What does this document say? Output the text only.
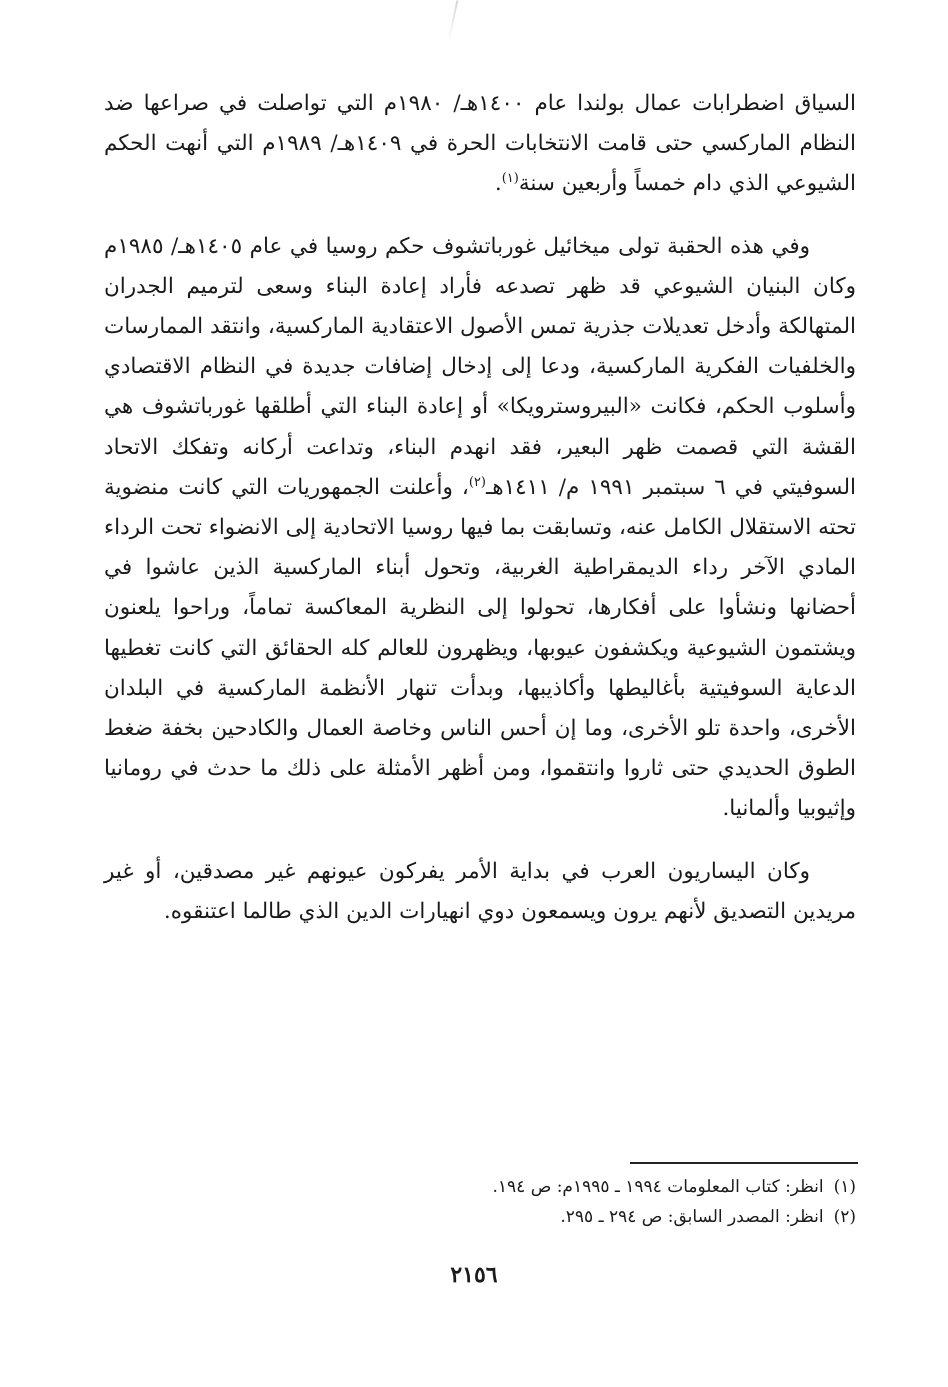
السياق اضطرابات عمال بولندا عام ١٤٠٠هـ/ ١٩٨٠م التي تواصلت في صراعها ضد النظام الماركسي حتى قامت الانتخابات الحرة في ١٤٠٩هـ/ ١٩٨٩م التي أنهت الحكم الشيوعي الذي دام خمساً وأربعين سنة$^{(١)}$.

وفي هذه الحقبة تولى ميخائيل غورباتشوف حكم روسيا في عام ١٤٠٥هـ/ ١٩٨٥م وكان البنيان الشيوعي قد ظهر تصدعه فأراد إعادة البناء وسعى لترميم الجدران المتهالكة وأدخل تعديلات جذرية تمس الأصول الاعتقادية الماركسية، وانتقد الممارسات والخلفيات الفكرية الماركسية، ودعا إلى إدخال إضافات جديدة في النظام الاقتصادي وأسلوب الحكم، فكانت «البيروسترويكا» أو إعادة البناء التي أطلقها غورباتشوف هي القشة التي قصمت ظهر البعير، فقد انهدم البناء، وتداعت أركانه وتفكك الاتحاد السوفيتي في ٦ سبتمبر ١٩٩١ م/ ١٤١١هـ$^{(٢)}$، وأعلنت الجمهوريات التي كانت منضوية تحته الاستقلال الكامل عنه، وتسابقت بما فيها روسيا الاتحادية إلى الانضواء تحت الرداء المادي الآخر رداء الديمقراطية الغربية، وتحول أبناء الماركسية الذين عاشوا في أحضانها ونشأوا على أفكارها، تحولوا إلى النظرية المعاكسة تماماً، وراحوا يلعنون ويشتمون الشيوعية ويكشفون عيوبها، ويظهرون للعالم كله الحقائق التي كانت تغطيها الدعاية السوفيتية بأغاليطها وأكاذيبها، وبدأت تنهار الأنظمة الماركسية في البلدان الأخرى، واحدة تلو الأخرى، وما إن أحس الناس وخاصة العمال والكادحين بخفة ضغط الطوق الحديدي حتى ثاروا وانتقموا، ومن أظهر الأمثلة على ذلك ما حدث في رومانيا وإثيوبيا وألمانيا.

وكان اليساريون العرب في بداية الأمر يفركون عيونهم غير مصدقين، أو غير مريدين التصديق لأنهم يرون ويسمعون دوي انهيارات الدين الذي طالما اعتنقوه.

(١)انظر: كتاب المعلومات ١٩٩٤ ـ ١٩٩٥م: ص ١٩٤.

(٢)انظر: المصدر السابق: ص ٢٩٤ ـ ٢٩٥.

٢١٥٦
